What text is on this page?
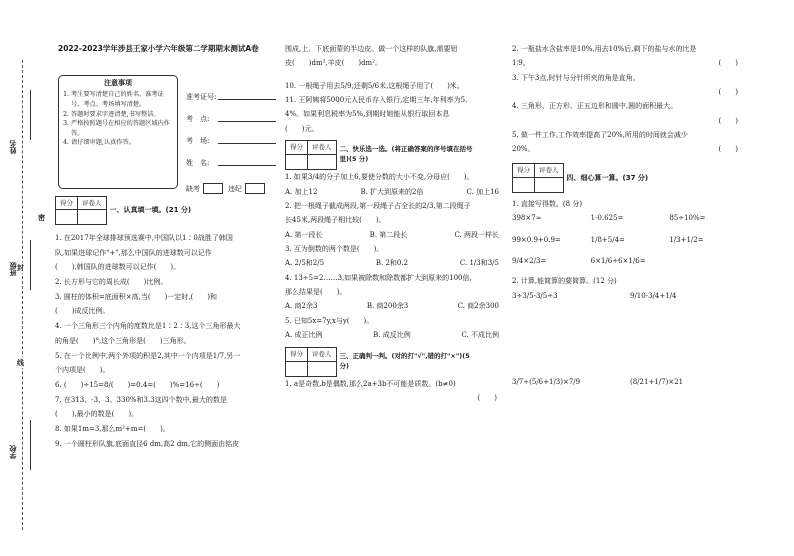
姓名
班级
学校
密
封
线
2022-2023学年涉县王家小学六年级第二学期期末测试A卷
注意事项
1. 考生要写清楚自己的姓名、准考证号、考点、考场填写清楚。
2. 答题时要求字迹清楚,书写整洁。
3. 严格按照题号在相应的答题区域内作答。
4. 请仔细审题,认真作答。
准考证号:
考　点:
考　场:
姓　名:
缺考	违纪
得分	评卷人

一、认真填一填。(21 分)
1. 在2017年全球排球预选赛中,中国队以1∶0战胜了韩国
队,如果进球记作"+",那么中国队的进球数可以记作
(　　),韩国队的进球数可以记作(　　)。
2. 长方形与它的周长成(　　)比例。
3. 圆柱的体积=底面积×高,当(　　)一定时,(　　)和
(　　)成反比例。
4. 一个三角形三个内角的度数比是1∶2∶3,这个三角形最大
的角是(　　)°,这个三角形是(　　)三角形。
5. 在一个比例中,两个外项的积是2,其中一个内项是1/7,另一
个内项是(　　)。
6. (　　)÷15=8/(　　)=0.4=(　　)%=16÷(　　)
7. 在313、-3、3、330%和3.3这四个数中,最大的数是
(　　),最小的数是(　　)。
8. 如果1m=3,那么m²+m=(　　)。
9. 一个圆柱形队旗,底面直径6 dm,高2 dm,它的侧面由铭皮
围成,上、下底面蒙的半边皮。做一个这样的队旗,需要铝
皮(　　)dm²,羊皮(　　)dm²。
10. 一根绳子用去5/9,还剩5/6米,这根绳子用了(　　)米。
11. 王阿姨将5000元人民币存入银行,定期三年,年利率为5.
4%。如果利息税率为5%,到期时她能从银行取回本息
(　　)元。
得分	评卷人
	二、快乐选一选。(将正确答案的序号填在括号里)(5 分)
1. 如果3/4的分子加上6,要使分数的大小不变,分母应(　　)。
A. 加上12	B. 扩大到原来的2倍	C. 加上16
2. 把一根绳子截成两段,第一段绳子占全长的2/3,第二段绳子
长45米,两段绳子相比较(　　)。
A. 第一段长	B. 第二段长	C. 两段一样长
3. 互为倒数的两个数是(　　)。
A. 2/5和2/5	B. 2和0.2	C. 1/3和3/5
4. 13÷5=2……3,如果被除数和除数都扩大到原来的100倍,
那么结果是(　　)。
A. 商2余3	B. 商200余3	C. 商2余300
5. 已知5x=7y,x与y(　　)。
A. 成正比例	B. 成反比例	C. 不成比例
得分	评卷人
	三、正确判一判。(对的打"√",错的打"×")(5 分)
1. a是奇数,b是偶数,那么2a+3b不可能是质数。(b≠0)
(　　)
2. 一瓶盐水含盐率是10%,用去10%后,剩下的盐与水的比是
1∶9。	(　　)
3. 下午3点,时针与分针所夹的角是直角。
(　　)
4. 三角形、正方形、正五边形和圆中,圆的面积最大。
(　　)
5. 做一件工作,工作效率提高了20%,所用的时间就会减少
20%。	(　　)
得分	评卷人

四、细心算一算。(37 分)
1. 直接写得数。(8 分)
398×7≈	1-0.625=	85÷10%=
99×0.9+0.9=	1/8+5/4=	1/3+1/2=
9/4×2/3=	6×1/6÷6×1/6=
2. 计算,能简算的要简算。(12 分)
3÷3/5-3/5÷3	9/10-3/4+1/4
3/7÷(5/6+1/3)×7/9	(8/21+1/7)×21
